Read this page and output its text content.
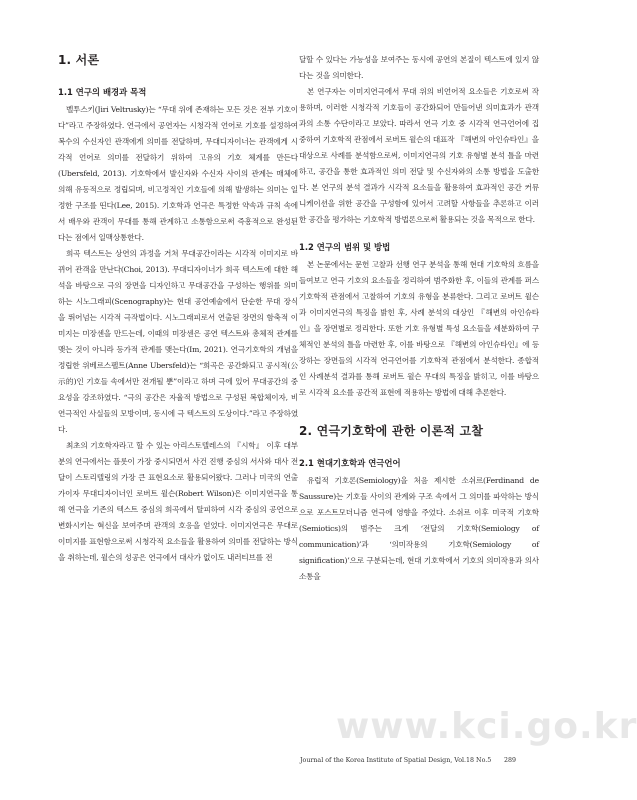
1. 서론
1.1 연구의 배경과 목적

벨투스키(Jiri Veltrusky)는 “무대 위에 존재하는 모든 것은 전부 기호이다”라고 주장하였다. 연극에서 공연자는 시청각적 언어로 기호를 설정하여 복수의 수신자인 관객에게 의미를 전달하며, 무대디자이너는 관객에게 시각적 언어로 의미를 전달하기 위하여 고유의 기호 체계를 만든다(Ubersfeld, 2013). 기호학에서 발신자와 수신자 사이의 관계는 매체에 의해 유동적으로 정립되며, 비고정적인 기호들에 의해 발생하는 의미는 일정한 구조를 띤다(Lee, 2015). 기호학과 연극은 특정한 약속과 규칙 속에서 배우와 관객이 무대를 통해 관계하고 소통함으로써 즉흥적으로 완성된다는 점에서 일맥상통한다.

희곡 텍스트는 상연의 과정을 거쳐 무대공간이라는 시각적 이미지로 바뀌어 관객을 만난다(Choi, 2013). 무대디자이너가 희곡 텍스트에 대한 해석을 바탕으로 극의 장면을 디자인하고 무대공간을 구성하는 행위를 의미하는 시노그래피(Scenography)는 현대 공연예술에서 단순한 무대 장식을 뛰어넘는 시각적 극작법이다. 시노그래피로서 연출된 장면의 함축적 이미지는 미장센을 만드는데, 이때의 미장센은 공연 텍스트와 총체적 관계를 맺는 것이 아니라 등가적 관계를 맺는다(Im, 2021). 연극기호학의 개념을 정립한 위베르스펠트(Anne Ubersfeld)는 “희곡은 공간화되고 공시적(公示的)인 기호들 속에서만 전개될 뿐”이라고 하며 극에 있어 무대공간의 중요성을 강조하였다. “극의 공간은 자율적 방법으로 구성된 복합체이자, 비연극적인 사실들의 모방이며, 동시에 극 텍스트의 도상이다.”라고 주장하였다.

최초의 기호학자라고 할 수 있는 아리스토텔레스의 『시학』 이후 대부분의 연극에서는 플롯이 가장 중시되면서 사건 진행 중심의 서사와 대사 전달이 스토리텔링의 가장 큰 표현요소로 활용되어왔다. 그러나 미국의 연출가이자 무대디자이너인 로버트 윌슨(Robert Wilson)은 이미지연극을 통해 연극을 기존의 텍스트 중심의 희곡에서 탈피하여 시각 중심의 공연으로 변화시키는 혁신을 보여주며 관객의 호응을 얻었다. 이미지연극은 무대로 이미지를 표현함으로써 시청각적 요소들을 활용하여 의미를 전달하는 방식을 취하는데, 윌슨의 성공은 연극에서 대사가 없이도 내러티브를 전

달할 수 있다는 가능성을 보여주는 동시에 공연의 본질이 텍스트에 있지 않다는 것을 의미한다.

본 연구자는 이미지연극에서 무대 위의 비언어적 요소들은 기호로써 작용하며, 이러한 시청각적 기호들이 공간화되어 만들어낸 의미효과가 관객과의 소통 수단이라고 보았다. 따라서 연극 기호 중 시각적 연극언어에 집중하여 기호학적 관점에서 로버트 윌슨의 대표작 『해변의 아인슈타인』을 대상으로 사례를 분석함으로써, 이미지연극의 기호 유형별 분석 틀을 마련하고, 공간을 통한 효과적인 의미 전달 및 수신자와의 소통 방법을 도출한다. 본 연구의 분석 결과가 시각적 요소들을 활용하여 효과적인 공간 커뮤니케이션을 위한 공간을 구성함에 있어서 고려할 사항들을 추론하고 이러한 공간을 평가하는 기호학적 방법론으로써 활용되는 것을 목적으로 한다.

1.2 연구의 범위 및 방법

본 논문에서는 문헌 고찰과 선행 연구 분석을 통해 현대 기호학의 흐름을 들여보고 연극 기호의 요소들을 정리하여 범주화한 후, 이들의 관계를 퍼스 기호학적 관점에서 고찰하여 기호의 유형을 분류한다. 그리고 로버트 윌슨과 이미지연극의 특징을 밝힌 후, 사례 분석의 대상인 『해변의 아인슈타인』을 장면별로 정리한다. 또한 기호 유형별 특성 요소들을 세분화하여 구체적인 분석의 틀을 마련한 후, 이를 바탕으로 『해변의 아인슈타인』에 등장하는 장면들의 시각적 연극언어를 기호학적 관점에서 분석한다. 종합적인 사례분석 결과를 통해 로버트 윌슨 무대의 특징을 밝히고, 이를 바탕으로 시각적 요소를 공간적 표현에 적용하는 방법에 대해 추론한다.

2. 연극기호학에 관한 이론적 고찰
2.1 현대기호학과 연극언어

유럽적 기호론(Semiology)을 처음 제시한 소쉬르(Ferdinand de Saussure)는 기호들 사이의 관계와 구조 속에서 그 의미를 파악하는 방식으로 포스트모더니즘 연극에 영향을 주었다. 소쉬르 이후 미국적 기호학(Semiotics)의 범주는 크게 ‘전달의 기호학(Semiology of communication)’과 ‘의미작용의 기호학(Semiology of signification)’으로 구분되는데, 현대 기호학에서 기호의 의미작용과 의사소통을

www.kci.go.kr
Journal of the Korea Institute of Spatial Design, Vol.18 No.5 289
